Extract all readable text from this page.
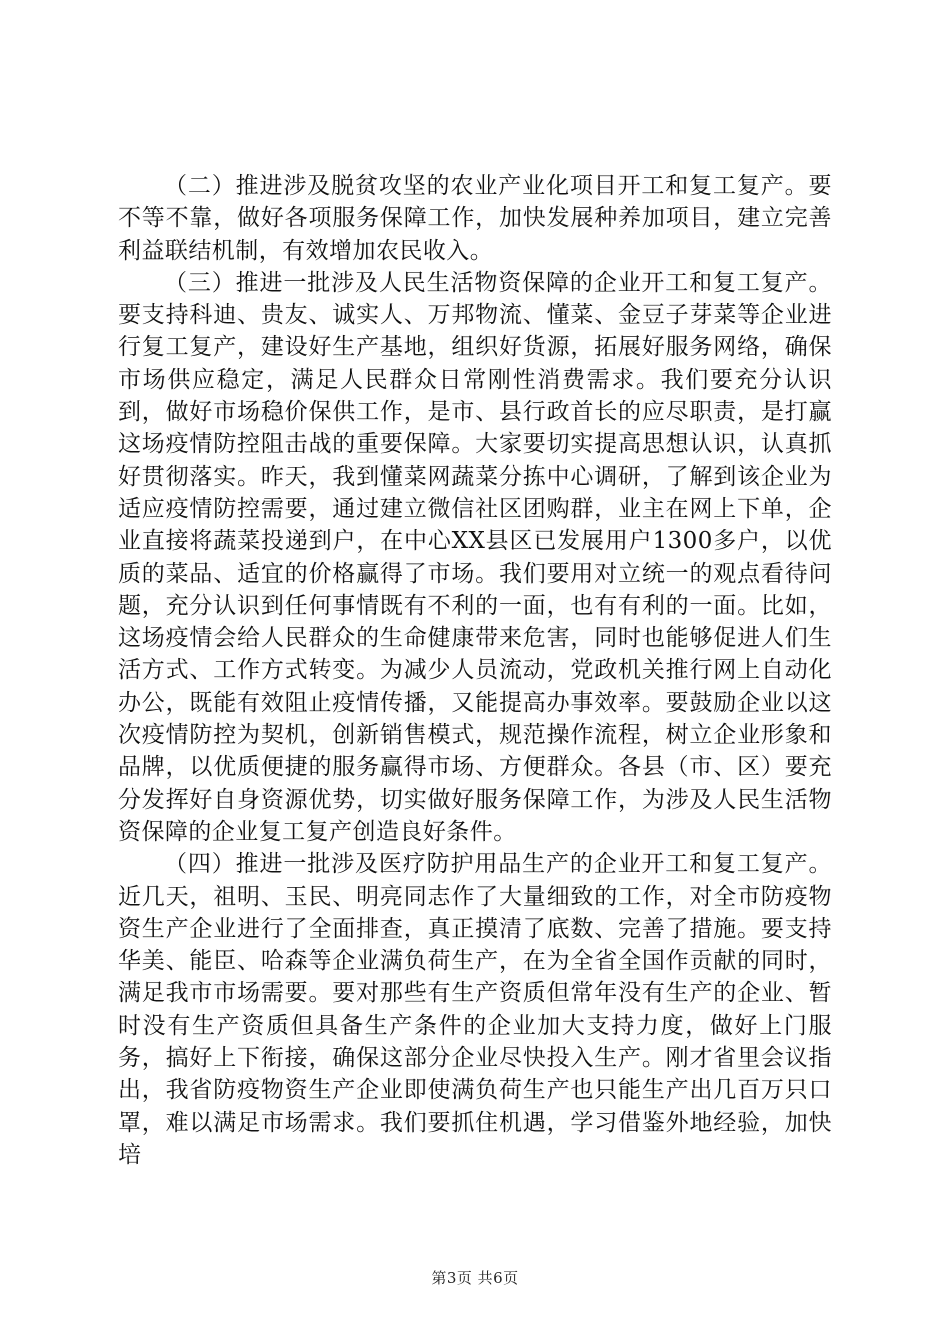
（二）推进涉及脱贫攻坚的农业产业化项目开工和复工复产。要不等不靠，做好各项服务保障工作，加快发展种养加项目，建立完善利益联结机制，有效增加农民收入。

（三）推进一批涉及人民生活物资保障的企业开工和复工复产。要支持科迪、贵友、诚实人、万邦物流、懂菜、金豆子芽菜等企业进行复工复产，建设好生产基地，组织好货源，拓展好服务网络，确保市场供应稳定，满足人民群众日常刚性消费需求。我们要充分认识到，做好市场稳价保供工作，是市、县行政首长的应尽职责，是打赢这场疫情防控阻击战的重要保障。大家要切实提高思想认识，认真抓好贯彻落实。昨天，我到懂菜网蔬菜分拣中心调研，了解到该企业为适应疫情防控需要，通过建立微信社区团购群，业主在网上下单，企业直接将蔬菜投递到户，在中心XX县区已发展用户1300多户，以优质的菜品、适宜的价格赢得了市场。我们要用对立统一的观点看待问题，充分认识到任何事情既有不利的一面，也有有利的一面。比如，这场疫情会给人民群众的生命健康带来危害，同时也能够促进人们生活方式、工作方式转变。为减少人员流动，党政机关推行网上自动化办公，既能有效阻止疫情传播，又能提高办事效率。要鼓励企业以这次疫情防控为契机，创新销售模式，规范操作流程，树立企业形象和品牌，以优质便捷的服务赢得市场、方便群众。各县（市、区）要充分发挥好自身资源优势，切实做好服务保障工作，为涉及人民生活物资保障的企业复工复产创造良好条件。

（四）推进一批涉及医疗防护用品生产的企业开工和复工复产。近几天，祖明、玉民、明亮同志作了大量细致的工作，对全市防疫物资生产企业进行了全面排查，真正摸清了底数、完善了措施。要支持华美、能臣、哈森等企业满负荷生产，在为全省全国作贡献的同时，满足我市市场需要。要对那些有生产资质但常年没有生产的企业、暂时没有生产资质但具备生产条件的企业加大支持力度，做好上门服务，搞好上下衔接，确保这部分企业尽快投入生产。刚才省里会议指出，我省防疫物资生产企业即使满负荷生产也只能生产出几百万只口罩，难以满足市场需求。我们要抓住机遇，学习借鉴外地经验，加快培

第3页 共6页
